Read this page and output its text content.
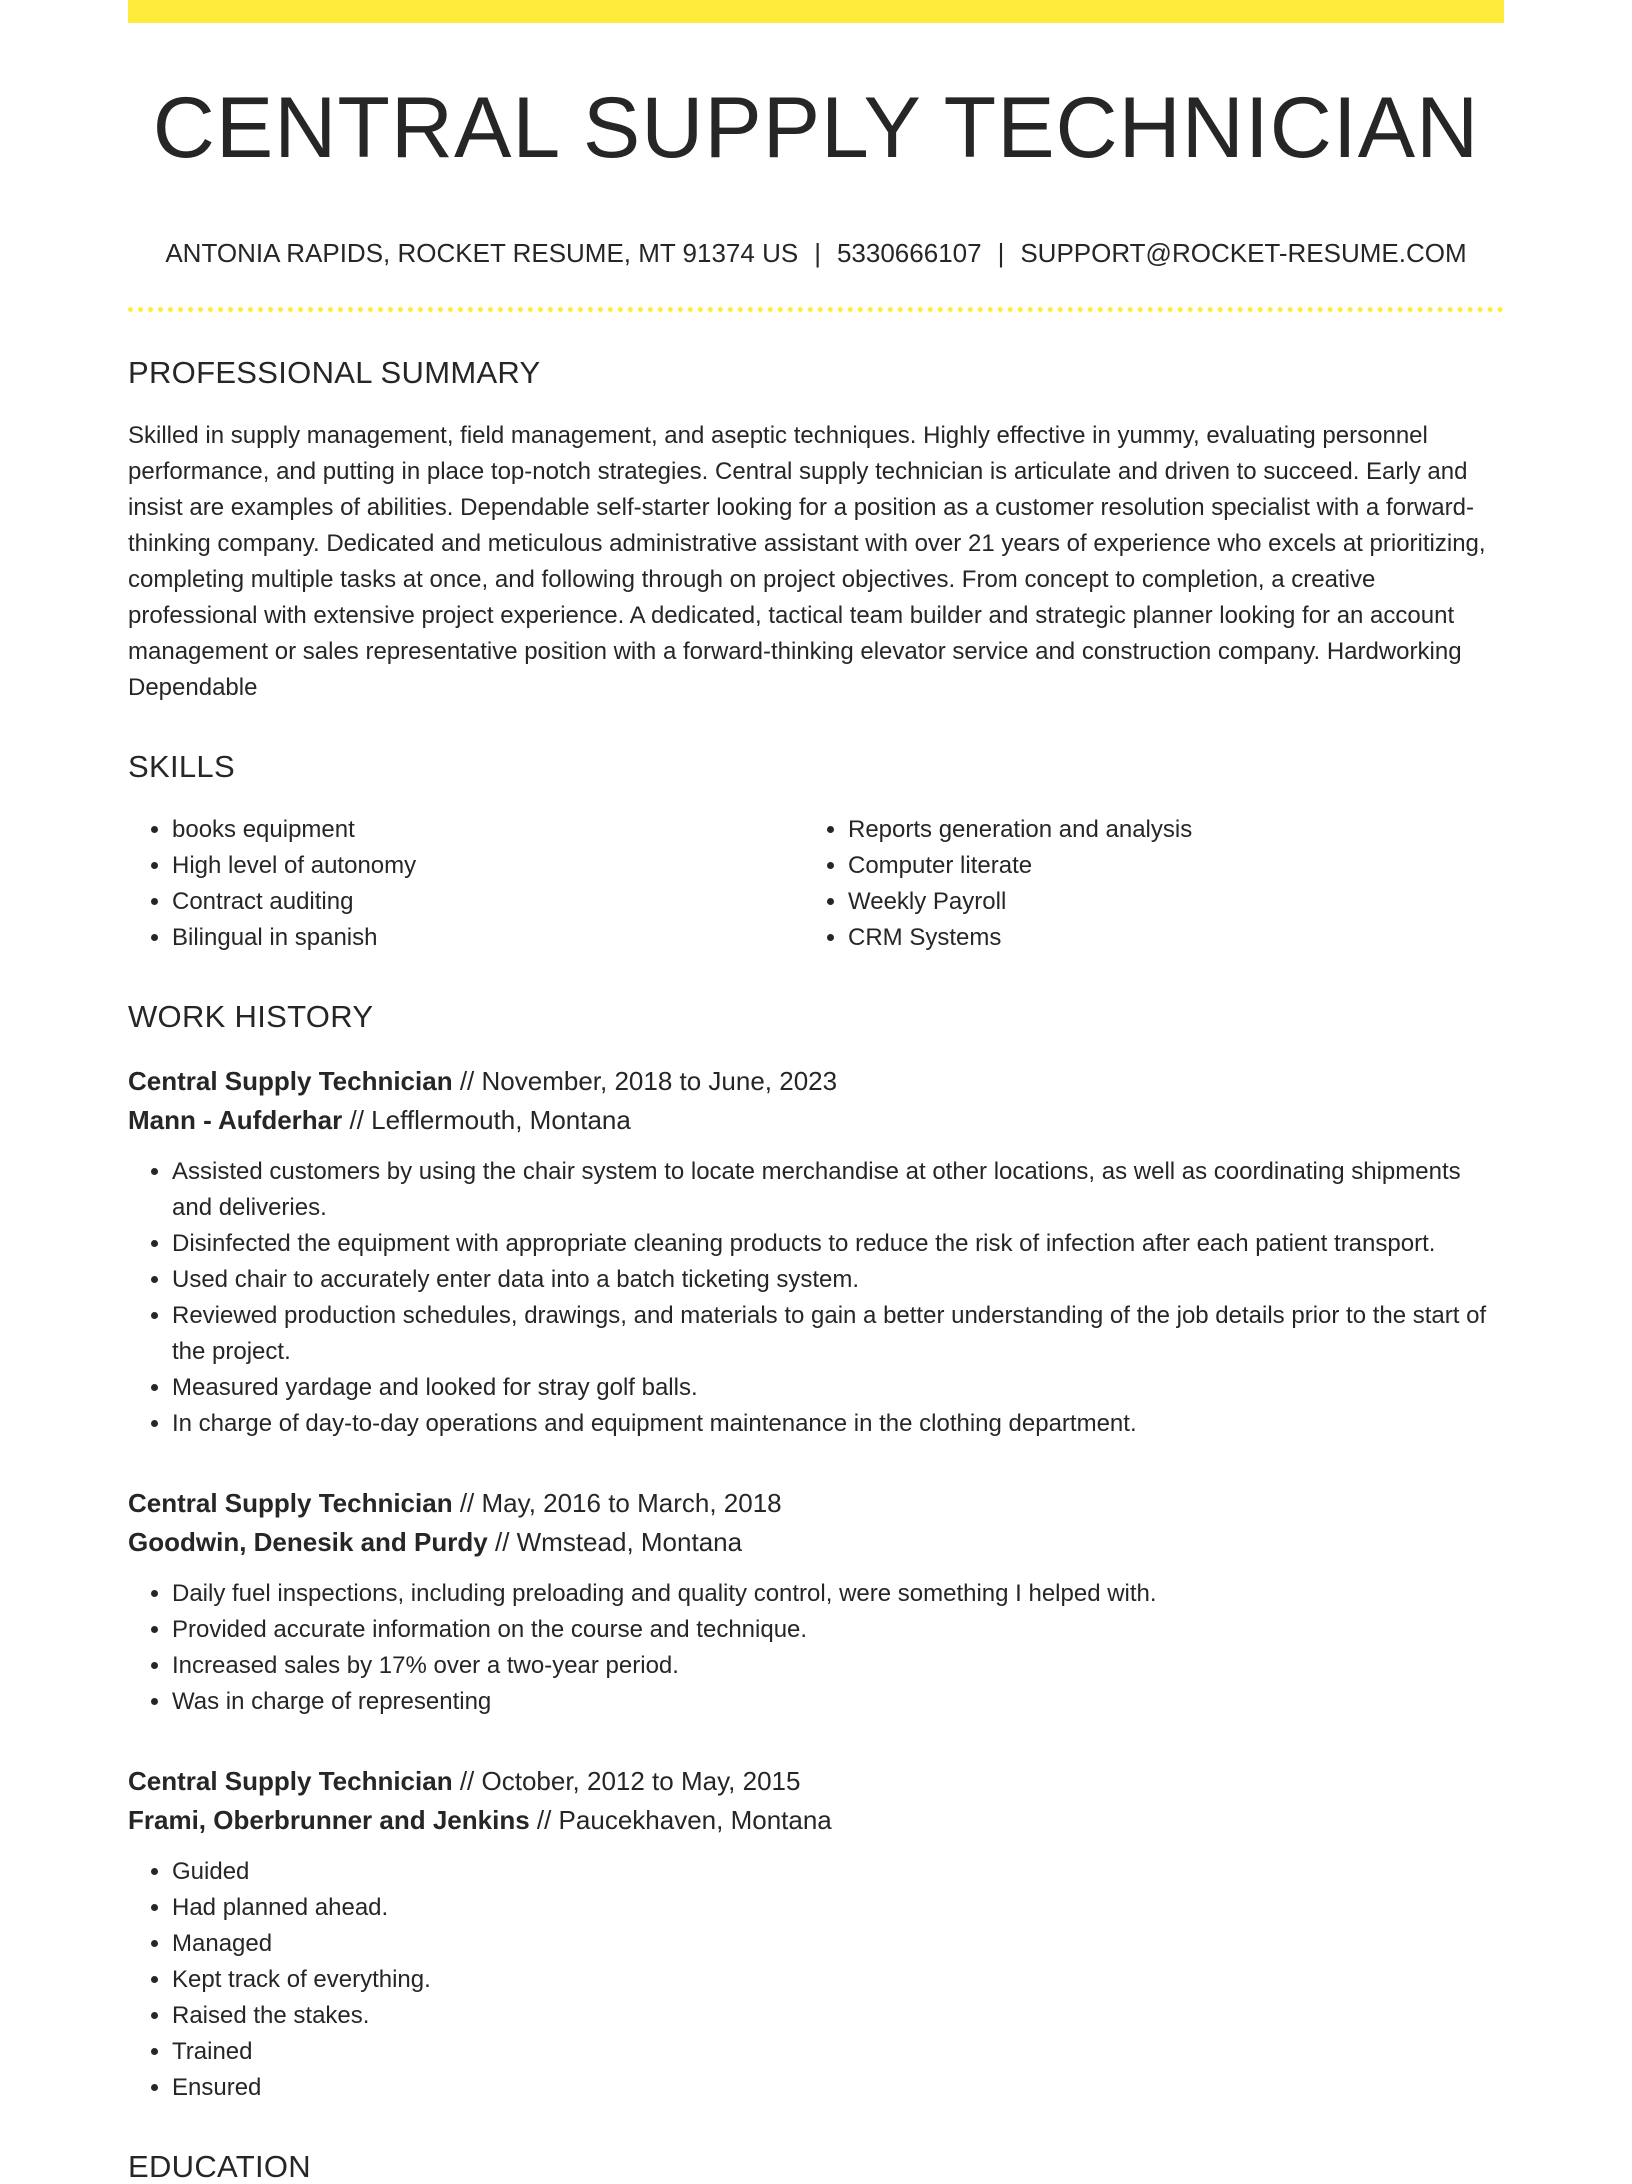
CENTRAL SUPPLY TECHNICIAN
ANTONIA RAPIDS, ROCKET RESUME, MT 91374 US | 5330666107 | SUPPORT@ROCKET-RESUME.COM
PROFESSIONAL SUMMARY
Skilled in supply management, field management, and aseptic techniques. Highly effective in yummy, evaluating personnel performance, and putting in place top-notch strategies. Central supply technician is articulate and driven to succeed. Early and insist are examples of abilities. Dependable self-starter looking for a position as a customer resolution specialist with a forward-thinking company. Dedicated and meticulous administrative assistant with over 21 years of experience who excels at prioritizing, completing multiple tasks at once, and following through on project objectives. From concept to completion, a creative professional with extensive project experience. A dedicated, tactical team builder and strategic planner looking for an account management or sales representative position with a forward-thinking elevator service and construction company. Hardworking Dependable
SKILLS
• books equipment
• High level of autonomy
• Contract auditing
• Bilingual in spanish
• Reports generation and analysis
• Computer literate
• Weekly Payroll
• CRM Systems
WORK HISTORY
Central Supply Technician // November, 2018 to June, 2023
Mann - Aufderhar // Lefflermouth, Montana
• Assisted customers by using the chair system to locate merchandise at other locations, as well as coordinating shipments and deliveries.
• Disinfected the equipment with appropriate cleaning products to reduce the risk of infection after each patient transport.
• Used chair to accurately enter data into a batch ticketing system.
• Reviewed production schedules, drawings, and materials to gain a better understanding of the job details prior to the start of the project.
• Measured yardage and looked for stray golf balls.
• In charge of day-to-day operations and equipment maintenance in the clothing department.
Central Supply Technician // May, 2016 to March, 2018
Goodwin, Denesik and Purdy // Wmstead, Montana
• Daily fuel inspections, including preloading and quality control, were something I helped with.
• Provided accurate information on the course and technique.
• Increased sales by 17% over a two-year period.
• Was in charge of representing
Central Supply Technician // October, 2012 to May, 2015
Frami, Oberbrunner and Jenkins // Paucekhaven, Montana
• Guided
• Had planned ahead.
• Managed
• Kept track of everything.
• Raised the stakes.
• Trained
• Ensured
EDUCATION
